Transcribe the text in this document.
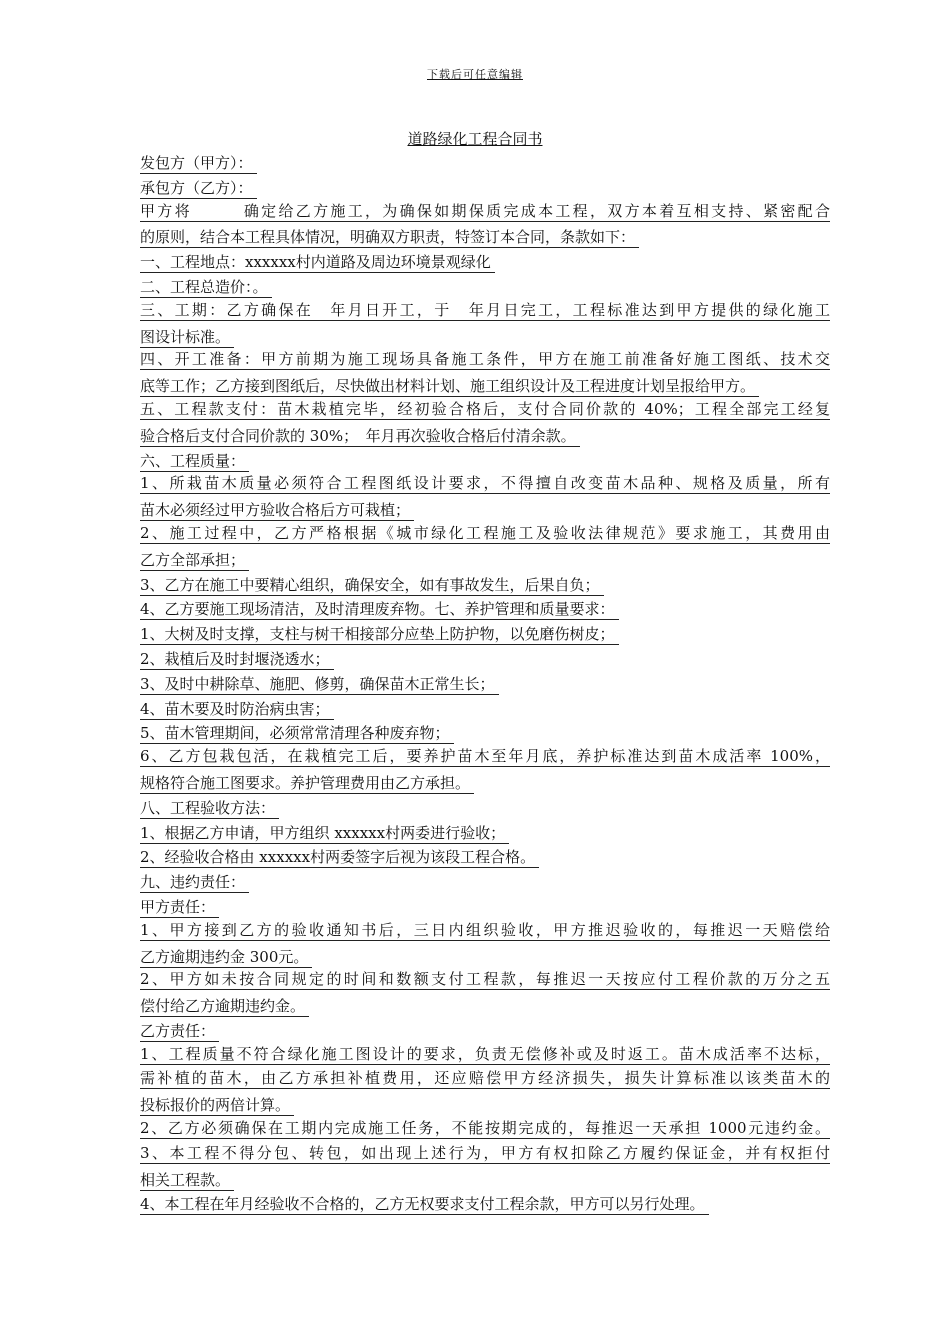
下载后可任意编辑
道路绿化工程合同书
发包方（甲方）：
承包方（乙方）：
甲方将　　　确定给乙方施工，为确保如期保质完成本工程，双方本着互相支持、紧密配合
的原则，结合本工程具体情况，明确双方职责，特签订本合同，条款如下：
一、工程地点：xxxxxx村内道路及周边环境景观绿化
二、工程总造价：。
三、工期：乙方确保在　年月日开工，于　年月日完工，工程标准达到甲方提供的绿化施工
图设计标准。
四、开工准备：甲方前期为施工现场具备施工条件，甲方在施工前准备好施工图纸、技术交
底等工作；乙方接到图纸后，尽快做出材料计划、施工组织设计及工程进度计划呈报给甲方。
五、工程款支付：苗木栽植完毕，经初验合格后，支付合同价款的 40%；工程全部完工经复
验合格后支付合同价款的 30%；　年月再次验收合格后付清余款。
六、工程质量：
1、所栽苗木质量必须符合工程图纸设计要求，不得擅自改变苗木品种、规格及质量，所有
苗木必须经过甲方验收合格后方可栽植；
2、施工过程中，乙方严格根据《城市绿化工程施工及验收法律规范》要求施工，其费用由
乙方全部承担；
3、乙方在施工中要精心组织，确保安全，如有事故发生，后果自负；
4、乙方要施工现场清洁，及时清理废弃物。七、养护管理和质量要求：
1、大树及时支撑，支柱与树干相接部分应垫上防护物，以免磨伤树皮；
2、栽植后及时封堰浇透水；
3、及时中耕除草、施肥、修剪，确保苗木正常生长；
4、苗木要及时防治病虫害；
5、苗木管理期间，必须常常清理各种废弃物；
6、乙方包栽包活，在栽植完工后，要养护苗木至年月底，养护标准达到苗木成活率 100%，
规格符合施工图要求。养护管理费用由乙方承担。
八、工程验收方法：
1、根据乙方申请，甲方组织 xxxxxx村两委进行验收；
2、经验收合格由 xxxxxx村两委签字后视为该段工程合格。
九、违约责任：
甲方责任：
1、甲方接到乙方的验收通知书后，三日内组织验收，甲方推迟验收的，每推迟一天赔偿给
乙方逾期违约金 300元。
2、甲方如未按合同规定的时间和数额支付工程款，每推迟一天按应付工程价款的万分之五
偿付给乙方逾期违约金。
乙方责任：
1、工程质量不符合绿化施工图设计的要求，负责无偿修补或及时返工。苗木成活率不达标，
需补植的苗木，由乙方承担补植费用，还应赔偿甲方经济损失，损失计算标准以该类苗木的
投标报价的两倍计算。
2、乙方必须确保在工期内完成施工任务，不能按期完成的，每推迟一天承担 1000元违约金。
3、本工程不得分包、转包，如出现上述行为，甲方有权扣除乙方履约保证金，并有权拒付
相关工程款。
4、本工程在年月经验收不合格的，乙方无权要求支付工程余款，甲方可以另行处理。
